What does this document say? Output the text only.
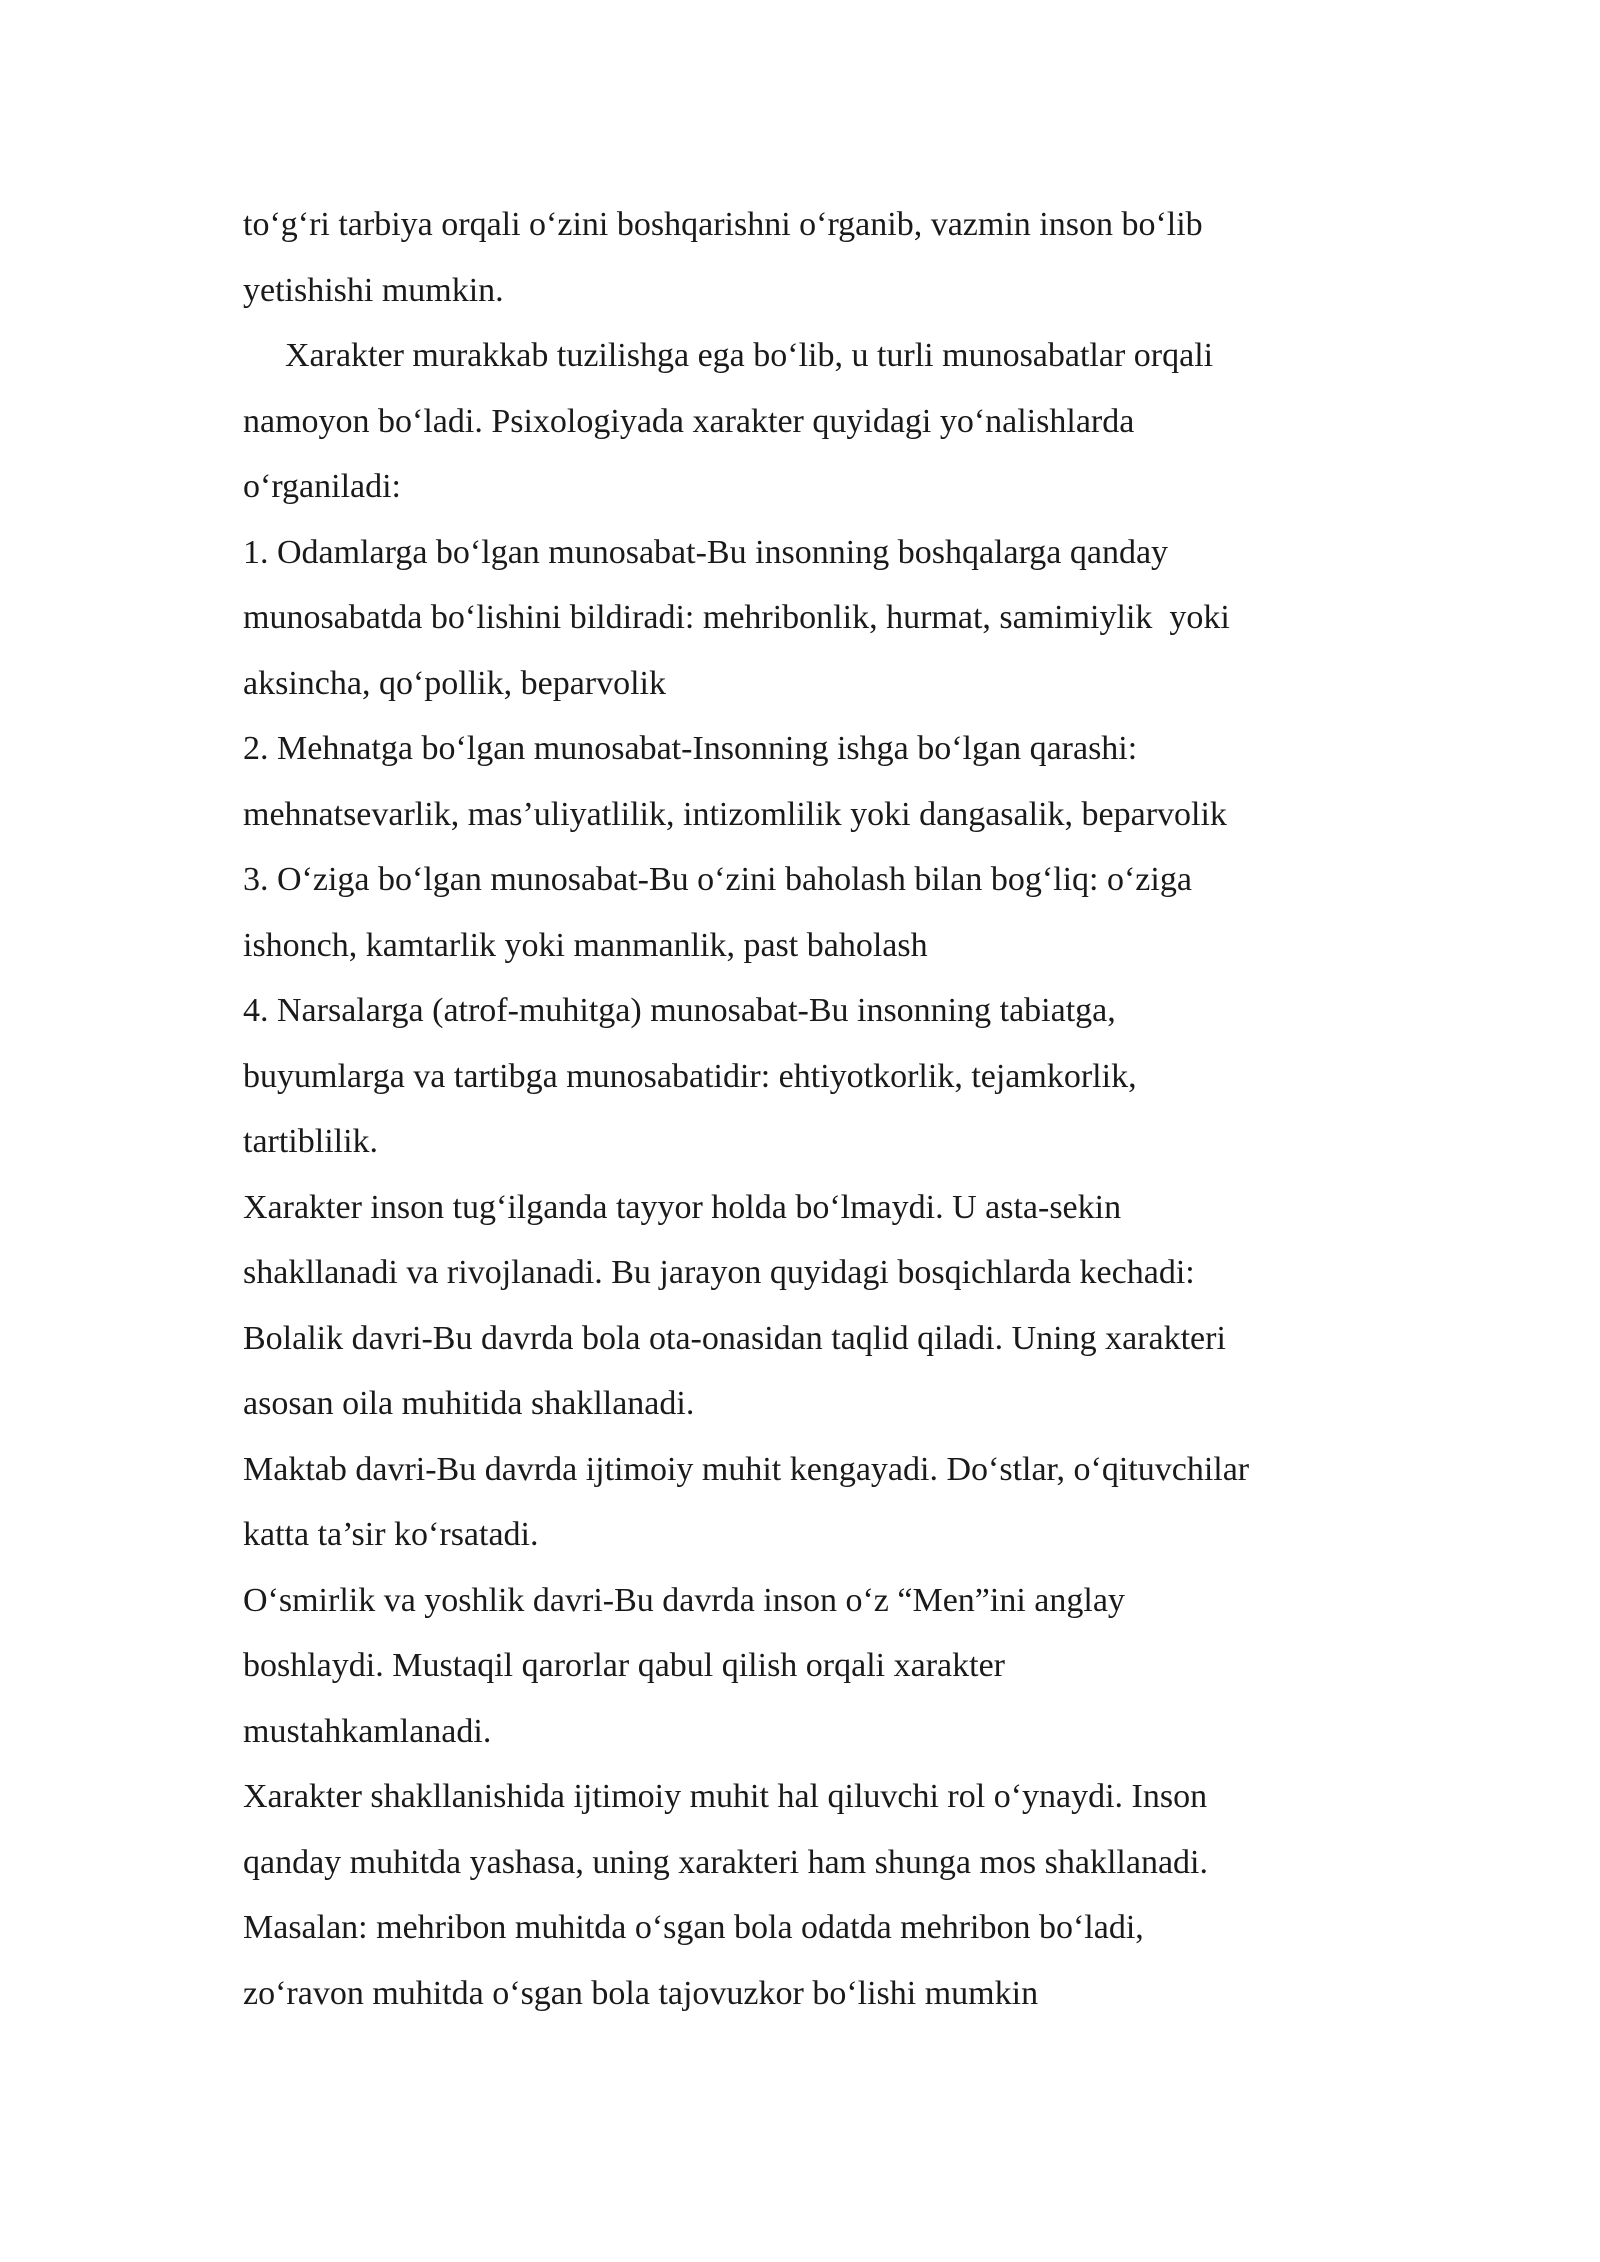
to‘g‘ri tarbiya orqali o‘zini boshqarishni o‘rganib, vazmin inson bo‘lib
yetishishi mumkin.
Xarakter murakkab tuzilishga ega bo‘lib, u turli munosabatlar orqali
namoyon bo‘ladi. Psixologiyada xarakter quyidagi yo‘nalishlarda
o‘rganiladi:
1. Odamlarga bo‘lgan munosabat-Bu insonning boshqalarga qanday
munosabatda bo‘lishini bildiradi: mehribonlik, hurmat, samimiylik  yoki
aksincha, qo‘pollik, beparvolik
2. Mehnatga bo‘lgan munosabat-Insonning ishga bo‘lgan qarashi:
mehnatsevarlik, mas’uliyatlilik, intizomlilik yoki dangasalik, beparvolik
3. O‘ziga bo‘lgan munosabat-Bu o‘zini baholash bilan bog‘liq: o‘ziga
ishonch, kamtarlik yoki manmanlik, past baholash
4. Narsalarga (atrof-muhitga) munosabat-Bu insonning tabiatga,
buyumlarga va tartibga munosabatidir: ehtiyotkorlik, tejamkorlik,
tartiblilik.
Xarakter inson tug‘ilganda tayyor holda bo‘lmaydi. U asta-sekin
shakllanadi va rivojlanadi. Bu jarayon quyidagi bosqichlarda kechadi:
Bolalik davri-Bu davrda bola ota-onasidan taqlid qiladi. Uning xarakteri
asosan oila muhitida shakllanadi.
Maktab davri-Bu davrda ijtimoiy muhit kengayadi. Do‘stlar, o‘qituvchilar
katta ta’sir ko‘rsatadi.
O‘smirlik va yoshlik davri-Bu davrda inson o‘z “Men”ini anglay
boshlaydi. Mustaqil qarorlar qabul qilish orqali xarakter
mustahkamlanadi.
Xarakter shakllanishida ijtimoiy muhit hal qiluvchi rol o‘ynaydi. Inson
qanday muhitda yashasa, uning xarakteri ham shunga mos shakllanadi.
Masalan: mehribon muhitda o‘sgan bola odatda mehribon bo‘ladi,
zo‘ravon muhitda o‘sgan bola tajovuzkor bo‘lishi mumkin
